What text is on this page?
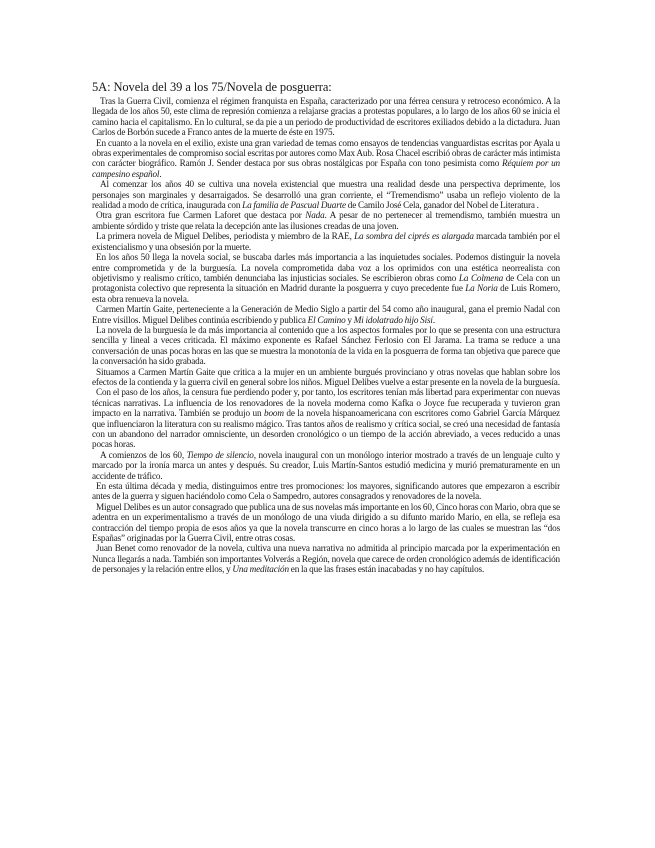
5A: Novela del 39 a los 75/Novela de posguerra:

Tras la Guerra Civil, comienza el régimen franquista en España, caracterizado por una férrea censura y retroceso económico. A la llegada de los años 50, este clima de represión comienza a relajarse gracias a protestas populares, a lo largo de los años 60 se inicia el camino hacia el capitalismo. En lo cultural, se da pie a un periodo de productividad de escritores exiliados debido a la dictadura. Juan Carlos de Borbón sucede a Franco antes de la muerte de éste en 1975.

En cuanto a la novela en el exilio, existe una gran variedad de temas como ensayos de tendencias vanguardistas escritas por Ayala u obras experimentales de compromiso social escritas por autores como Max Aub. Rosa Chacel escribió obras de carácter más intimista con carácter biográfico. Ramón J. Sender destaca por sus obras nostálgicas por España con tono pesimista como Réquiem por un campesino español.

Al comenzar los años 40 se cultiva una novela existencial que muestra una realidad desde una perspectiva deprimente, los personajes son marginales y desarraigados. Se desarrolló una gran corriente, el “Tremendismo” usaba un reflejo violento de la realidad a modo de crítica, inaugurada con La familia de Pascual Duarte de Camilo José Cela, ganador del Nobel de Literatura .

Otra gran escritora fue Carmen Laforet que destaca por Nada. A pesar de no pertenecer al tremendismo, también muestra un ambiente sórdido y triste que relata la decepción ante las ilusiones creadas de una joven.

La primera novela de Miguel Delibes, periodista y miembro de la RAE, La sombra del ciprés es alargada marcada también por el existencialismo y una obsesión por la muerte.

En los años 50 llega la novela social, se buscaba darles más importancia a las inquietudes sociales. Podemos distinguir la novela entre comprometida y de la burguesía. La novela comprometida daba voz a los oprimidos con una estética neorrealista con objetivismo y realismo crítico, también denunciaba las injusticias sociales. Se escribieron obras como La Colmena de Cela con un protagonista colectivo que representa la situación en Madrid durante la posguerra y cuyo precedente fue La Noria de Luis Romero, esta obra renueva la novela.

Carmen Martín Gaite, perteneciente a la Generación de Medio Siglo a partir del 54 como año inaugural, gana el premio Nadal con Entre visillos. Miguel Delibes continúa escribiendo y publica El Camino y Mi idolatrado hijo Sisí.

La novela de la burguesía le da más importancia al contenido que a los aspectos formales por lo que se presenta con una estructura sencilla y lineal a veces criticada. El máximo exponente es Rafael Sánchez Ferlosio con El Jarama. La trama se reduce a una conversación de unas pocas horas en las que se muestra la monotonía de la vida en la posguerra de forma tan objetiva que parece que la conversación ha sido grabada.

Situamos a Carmen Martín Gaite que critica a la mujer en un ambiente burgués provinciano y otras novelas que hablan sobre los efectos de la contienda y la guerra civil en general sobre los niños. Miguel Delibes vuelve a estar presente en la novela de la burguesía.

Con el paso de los años, la censura fue perdiendo poder y, por tanto, los escritores tenían más libertad para experimentar con nuevas técnicas narrativas. La influencia de los renovadores de la novela moderna como Kafka o Joyce fue recuperada y tuvieron gran impacto en la narrativa. También se produjo un boom de la novela hispanoamericana con escritores como Gabriel García Márquez que influenciaron la literatura con su realismo mágico. Tras tantos años de realismo y crítica social, se creó una necesidad de fantasía con un abandono del narrador omnisciente, un desorden cronológico o un tiempo de la acción abreviado, a veces reducido a unas pocas horas.

A comienzos de los 60, Tiempo de silencio, novela inaugural con un monólogo interior mostrado a través de un lenguaje culto y marcado por la ironía marca un antes y después. Su creador, Luis Martín-Santos estudió medicina y murió prematuramente en un accidente de tráfico.

En esta última década y media, distinguimos entre tres promociones: los mayores, significando autores que empezaron a escribir antes de la guerra y siguen haciéndolo como Cela o Sampedro, autores consagrados y renovadores de la novela.

Miguel Delibes es un autor consagrado que publica una de sus novelas más importante en los 60, Cinco horas con Mario, obra que se adentra en un experimentalismo a través de un monólogo de una viuda dirigido a su difunto marido Mario, en ella, se refleja esa contracción del tiempo propia de esos años ya que la novela transcurre en cinco horas a lo largo de las cuales se muestran las “dos Españas” originadas por la Guerra Civil, entre otras cosas.

Juan Benet como renovador de la novela, cultiva una nueva narrativa no admitida al principio marcada por la experimentación en Nunca llegarás a nada. También son importantes Volverás a Región, novela que carece de orden cronológico además de identificación de personajes y la relación entre ellos, y Una meditación en la que las frases están inacabadas y no hay capítulos.
